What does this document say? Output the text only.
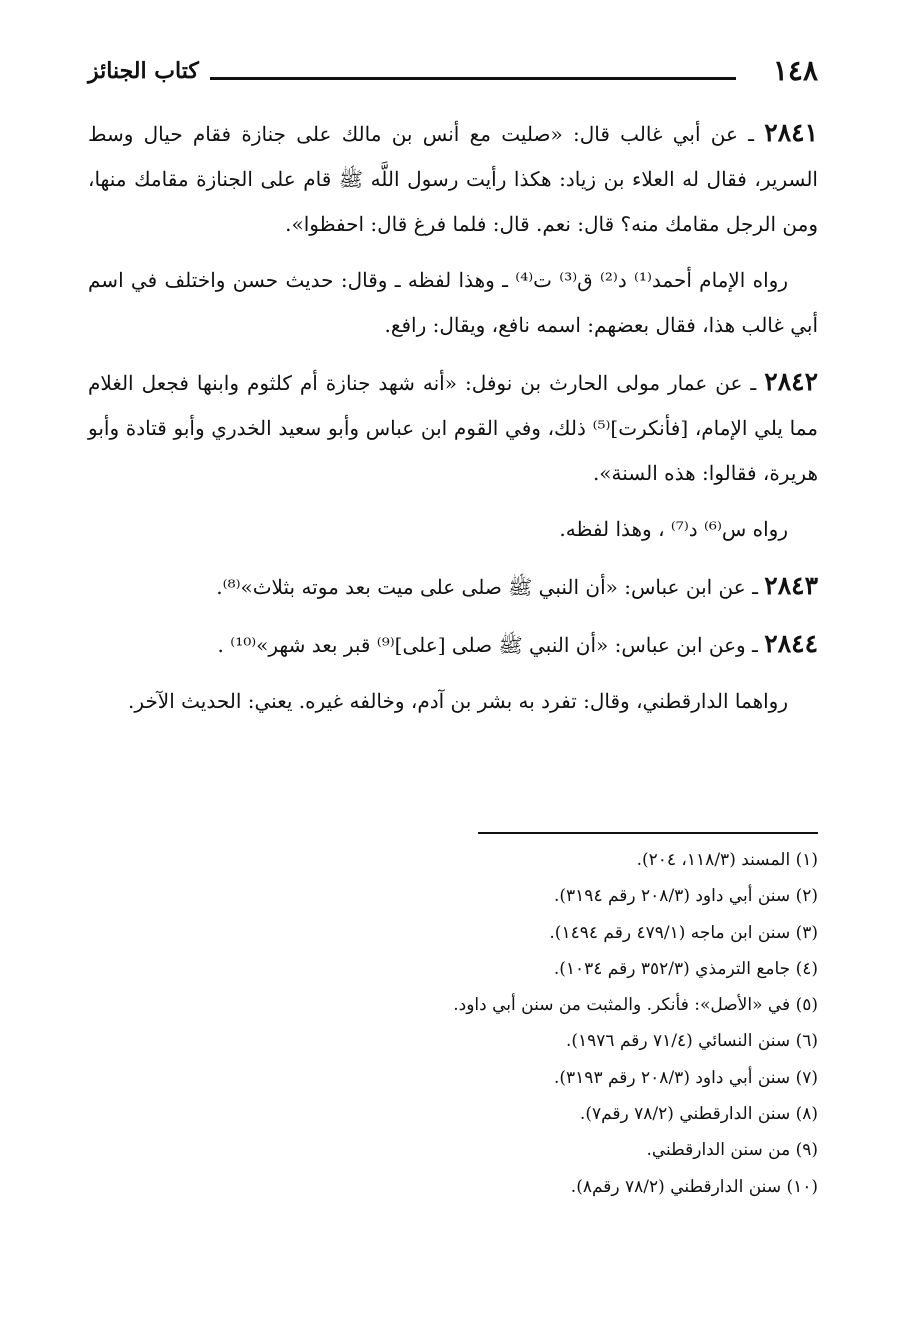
١٤٨
كتاب الجنائز

٢٨٤١ ـ عن أبي غالب قال: «صليت مع أنس بن مالك على جنازة فقام حيال وسط السرير، فقال له العلاء بن زياد: هكذا رأيت رسول اللَّه ﷺ قام على الجنازة مقامك منها، ومن الرجل مقامك منه؟ قال: نعم. قال: فلما فرغ قال: احفظوا».

رواه الإمام أحمد⁽¹⁾ د⁽²⁾ ق⁽³⁾ ت⁽⁴⁾ ـ وهذا لفظه ـ وقال: حديث حسن واختلف في اسم أبي غالب هذا، فقال بعضهم: اسمه نافع، ويقال: رافع.

٢٨٤٢ ـ عن عمار مولى الحارث بن نوفل: «أنه شهد جنازة أم كلثوم وابنها فجعل الغلام مما يلي الإمام، [فأنكرت]⁽⁵⁾ ذلك، وفي القوم ابن عباس وأبو سعيد الخدري وأبو قتادة وأبو هريرة، فقالوا: هذه السنة».

رواه س⁽⁶⁾ د⁽⁷⁾ ، وهذا لفظه.

٢٨٤٣ ـ عن ابن عباس: «أن النبي ﷺ صلى على ميت بعد موته بثلاث»⁽⁸⁾.

٢٨٤٤ ـ وعن ابن عباس: «أن النبي ﷺ صلى [على]⁽⁹⁾ قبر بعد شهر»⁽¹⁰⁾ .

رواهما الدارقطني، وقال: تفرد به بشر بن آدم، وخالفه غيره. يعني: الحديث الآخر.

(١) المسند (١١٨/٣، ٢٠٤).
(٢) سنن أبي داود (٢٠٨/٣ رقم ٣١٩٤).
(٣) سنن ابن ماجه (٤٧٩/١ رقم ١٤٩٤).
(٤) جامع الترمذي (٣٥٢/٣ رقم ١٠٣٤).
(٥) في «الأصل»: فأنكر. والمثبت من سنن أبي داود.
(٦) سنن النسائي (٧١/٤ رقم ١٩٧٦).
(٧) سنن أبي داود (٢٠٨/٣ رقم ٣١٩٣).
(٨) سنن الدارقطني (٧٨/٢ رقم٧).
(٩) من سنن الدارقطني.
(١٠) سنن الدارقطني (٧٨/٢ رقم٨).
